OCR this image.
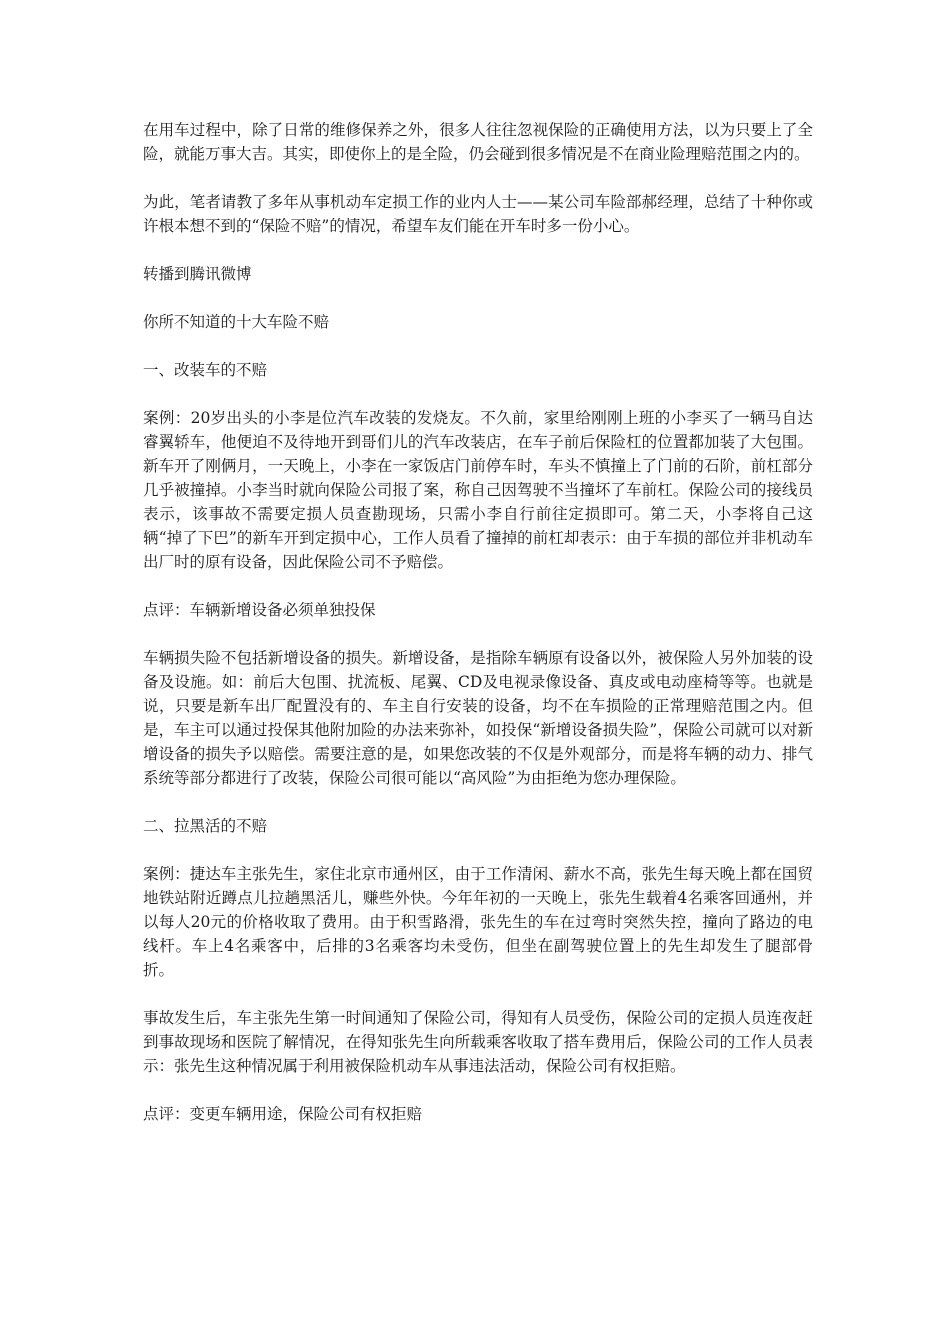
在用车过程中，除了日常的维修保养之外，很多人往往忽视保险的正确使用方法，以为只要上了全险，就能万事大吉。其实，即使你上的是全险，仍会碰到很多情况是不在商业险理赔范围之内的。

为此，笔者请教了多年从事机动车定损工作的业内人士——某公司车险部郝经理，总结了十种你或许根本想不到的“保险不赔”的情况，希望车友们能在开车时多一份小心。

转播到腾讯微博

你所不知道的十大车险不赔

一、改装车的不赔

案例：20岁出头的小李是位汽车改装的发烧友。不久前，家里给刚刚上班的小李买了一辆马自达睿翼轿车，他便迫不及待地开到哥们儿的汽车改装店，在车子前后保险杠的位置都加装了大包围。新车开了刚俩月，一天晚上，小李在一家饭店门前停车时，车头不慎撞上了门前的石阶，前杠部分几乎被撞掉。小李当时就向保险公司报了案，称自己因驾驶不当撞坏了车前杠。保险公司的接线员表示，该事故不需要定损人员查勘现场，只需小李自行前往定损即可。第二天，小李将自己这辆“掉了下巴”的新车开到定损中心，工作人员看了撞掉的前杠却表示：由于车损的部位并非机动车出厂时的原有设备，因此保险公司不予赔偿。

点评：车辆新增设备必须单独投保

车辆损失险不包括新增设备的损失。新增设备，是指除车辆原有设备以外，被保险人另外加装的设备及设施。如：前后大包围、扰流板、尾翼、CD及电视录像设备、真皮或电动座椅等等。也就是说，只要是新车出厂配置没有的、车主自行安装的设备，均不在车损险的正常理赔范围之内。但是，车主可以通过投保其他附加险的办法来弥补，如投保“新增设备损失险”，保险公司就可以对新增设备的损失予以赔偿。需要注意的是，如果您改装的不仅是外观部分，而是将车辆的动力、排气系统等部分都进行了改装，保险公司很可能以“高风险”为由拒绝为您办理保险。

二、拉黑活的不赔

案例：捷达车主张先生，家住北京市通州区，由于工作清闲、薪水不高，张先生每天晚上都在国贸地铁站附近蹲点儿拉趟黑活儿，赚些外快。今年年初的一天晚上，张先生载着4名乘客回通州，并以每人20元的价格收取了费用。由于积雪路滑，张先生的车在过弯时突然失控，撞向了路边的电线杆。车上4名乘客中，后排的3名乘客均未受伤，但坐在副驾驶位置上的先生却发生了腿部骨折。

事故发生后，车主张先生第一时间通知了保险公司，得知有人员受伤，保险公司的定损人员连夜赶到事故现场和医院了解情况，在得知张先生向所载乘客收取了搭车费用后，保险公司的工作人员表示：张先生这种情况属于利用被保险机动车从事违法活动，保险公司有权拒赔。

点评：变更车辆用途，保险公司有权拒赔
